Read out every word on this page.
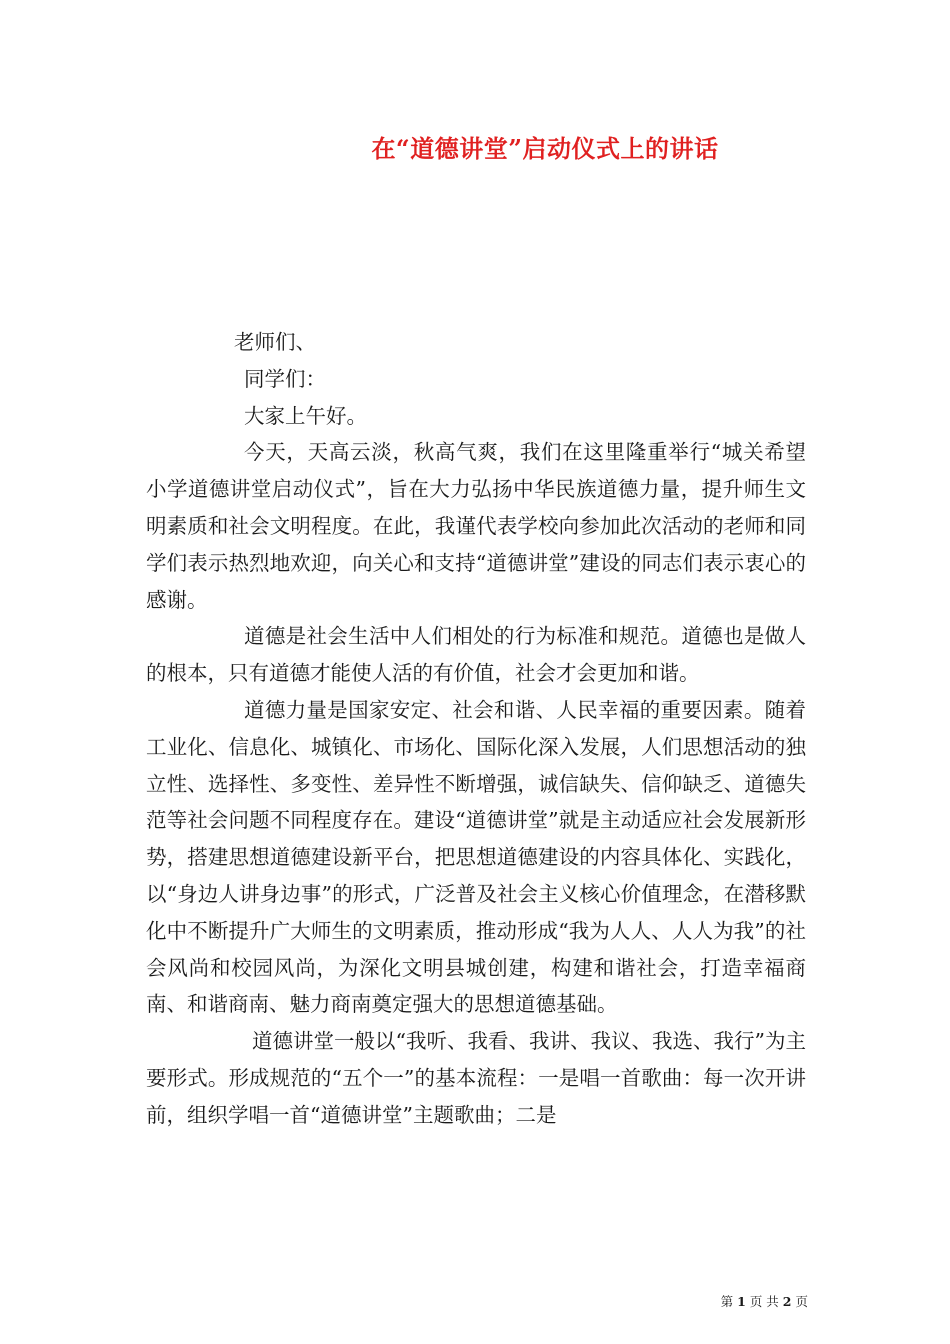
在“道德讲堂”启动仪式上的讲话
老师们、
同学们：
大家上午好。

今天，天高云淡，秋高气爽，我们在这里隆重举行“城关希望小学道德讲堂启动仪式”，旨在大力弘扬中华民族道德力量，提升师生文明素质和社会文明程度。在此，我谨代表学校向参加此次活动的老师和同学们表示热烈地欢迎，向关心和支持“道德讲堂”建设的同志们表示衷心的感谢。

道德是社会生活中人们相处的行为标准和规范。道德也是做人的根本，只有道德才能使人活的有价值，社会才会更加和谐。

道德力量是国家安定、社会和谐、人民幸福的重要因素。随着工业化、信息化、城镇化、市场化、国际化深入发展，人们思想活动的独立性、选择性、多变性、差异性不断增强，诚信缺失、信仰缺乏、道德失范等社会问题不同程度存在。建设“道德讲堂”就是主动适应社会发展新形势，搭建思想道德建设新平台，把思想道德建设的内容具体化、实践化，以“身边人讲身边事”的形式，广泛普及社会主义核心价值理念，在潜移默化中不断提升广大师生的文明素质，推动形成“我为人人、人人为我”的社会风尚和校园风尚，为深化文明县城创建，构建和谐社会，打造幸福商南、和谐商南、魅力商南奠定强大的思想道德基础。

道德讲堂一般以“我听、我看、我讲、我议、我选、我行”为主要形式。形成规范的“五个一”的基本流程：一是唱一首歌曲：每一次开讲前，组织学唱一首“道德讲堂”主题歌曲；二是

第 1 页 共 2 页
